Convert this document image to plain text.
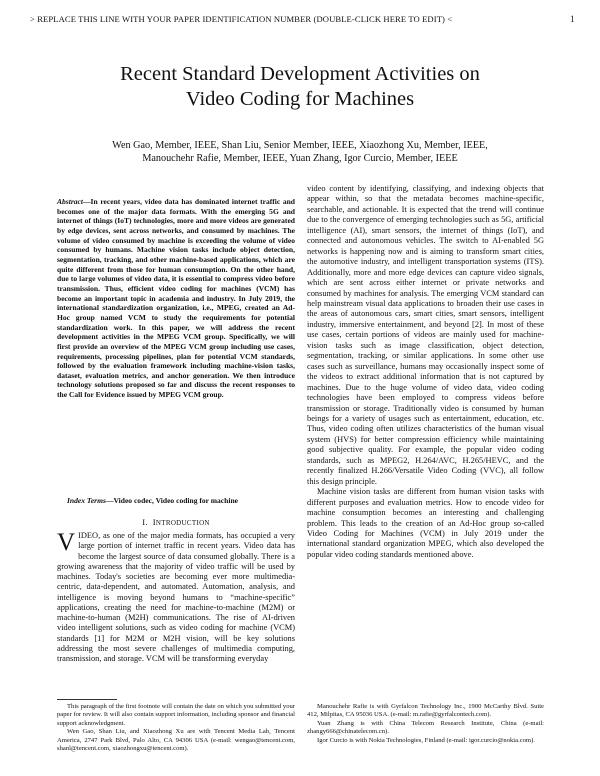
> REPLACE THIS LINE WITH YOUR PAPER IDENTIFICATION NUMBER (DOUBLE-CLICK HERE TO EDIT) <	1
Recent Standard Development Activities on
Video Coding for Machines
Wen Gao, Member, IEEE, Shan Liu, Senior Member, IEEE, Xiaozhong Xu, Member, IEEE,
Manouchehr Rafie, Member, IEEE, Yuan Zhang, Igor Curcio, Member, IEEE

Abstract—In recent years, video data has dominated internet traffic and becomes one of the major data formats. With the emerging 5G and internet of things (IoT) technologies, more and more videos are generated by edge devices, sent across networks, and consumed by machines. The volume of video consumed by machine is exceeding the volume of video consumed by humans. Machine vision tasks include object detection, segmentation, tracking, and other machine-based applications, which are quite different from those for human consumption. On the other hand, due to large volumes of video data, it is essential to compress video before transmission. Thus, efficient video coding for machines (VCM) has become an important topic in academia and industry. In July 2019, the international standardization organization, i.e., MPEG, created an Ad-Hoc group named VCM to study the requirements for potential standardization work. In this paper, we will address the recent development activities in the MPEG VCM group. Specifically, we will first provide an overview of the MPEG VCM group including use cases, requirements, processing pipelines, plan for potential VCM standards, followed by the evaluation framework including machine-vision tasks, dataset, evaluation metrics, and anchor generation. We then introduce technology solutions proposed so far and discuss the recent responses to the Call for Evidence issued by MPEG VCM group.

Index Terms—Video codec, Video coding for machine

I. INTRODUCTION

VIDEO, as one of the major media formats, has occupied a very large portion of internet traffic in recent years. Video data has become the largest source of data consumed globally. There is a growing awareness that the majority of video traffic will be used by machines. Today's societies are becoming ever more multimedia-centric, data-dependent, and automated. Automation, analysis, and intelligence is moving beyond humans to “machine-specific” applications, creating the need for machine-to-machine (M2M) or machine-to-human (M2H) communications. The rise of AI-driven video intelligent solutions, such as video coding for machine (VCM) standards [1] for M2M or M2H vision, will be key solutions addressing the most severe challenges of multimedia computing, transmission, and storage. VCM will be transforming everyday

This paragraph of the first footnote will contain the date on which you submitted your paper for review. It will also contain support information, including sponsor and financial support acknowledgment.

Wen Gao, Shan Liu, and Xiaozhong Xu are with Tencent Media Lab, Tencent America, 2747 Park Blvd, Palo Alto, CA 94306 USA (e-mail: wengao@tencent.com, shanl@tencent.com, xiaozhongxu@tencent.com).

video content by identifying, classifying, and indexing objects that appear within, so that the metadata becomes machine-specific, searchable, and actionable. It is expected that the trend will continue due to the convergence of emerging technologies such as 5G, artificial intelligence (AI), smart sensors, the internet of things (IoT), and connected and autonomous vehicles. The switch to AI-enabled 5G networks is happening now and is aiming to transform smart cities, the automotive industry, and intelligent transportation systems (ITS). Additionally, more and more edge devices can capture video signals, which are sent across either internet or private networks and consumed by machines for analysis. The emerging VCM standard can help mainstream visual data applications to broaden their use cases in the areas of autonomous cars, smart cities, smart sensors, intelligent industry, immersive entertainment, and beyond [2]. In most of these use cases, certain portions of videos are mainly used for machine-vision tasks such as image classification, object detection, segmentation, tracking, or similar applications. In some other use cases such as surveillance, humans may occasionally inspect some of the videos to extract additional information that is not captured by machines. Due to the huge volume of video data, video coding technologies have been employed to compress videos before transmission or storage. Traditionally video is consumed by human beings for a variety of usages such as entertainment, education, etc. Thus, video coding often utilizes characteristics of the human visual system (HVS) for better compression efficiency while maintaining good subjective quality. For example, the popular video coding standards, such as MPEG2, H.264/AVC, H.265/HEVC, and the recently finalized H.266/Versatile Video Coding (VVC), all follow this design principle.

Machine vision tasks are different from human vision tasks with different purposes and evaluation metrics. How to encode video for machine consumption becomes an interesting and challenging problem. This leads to the creation of an Ad-Hoc group so-called Video Coding for Machines (VCM) in July 2019 under the international standard organization MPEG, which also developed the popular video coding standards mentioned above.

Manouchehr Rafie is with Gyrfalcon Technology Inc., 1900 McCarthy Blvd. Suite 412, Milpitas, CA 95036 USA. (e-mail: m.rafie@gyrfalcontech.com).

Yuan Zhang is with China Telecom Research Institute, China (e-mail: zhangy666@chinatelecom.cn).

Igor Curcio is with Nokia Technologies, Finland (e-mail: igor.curcio@nokia.com).
